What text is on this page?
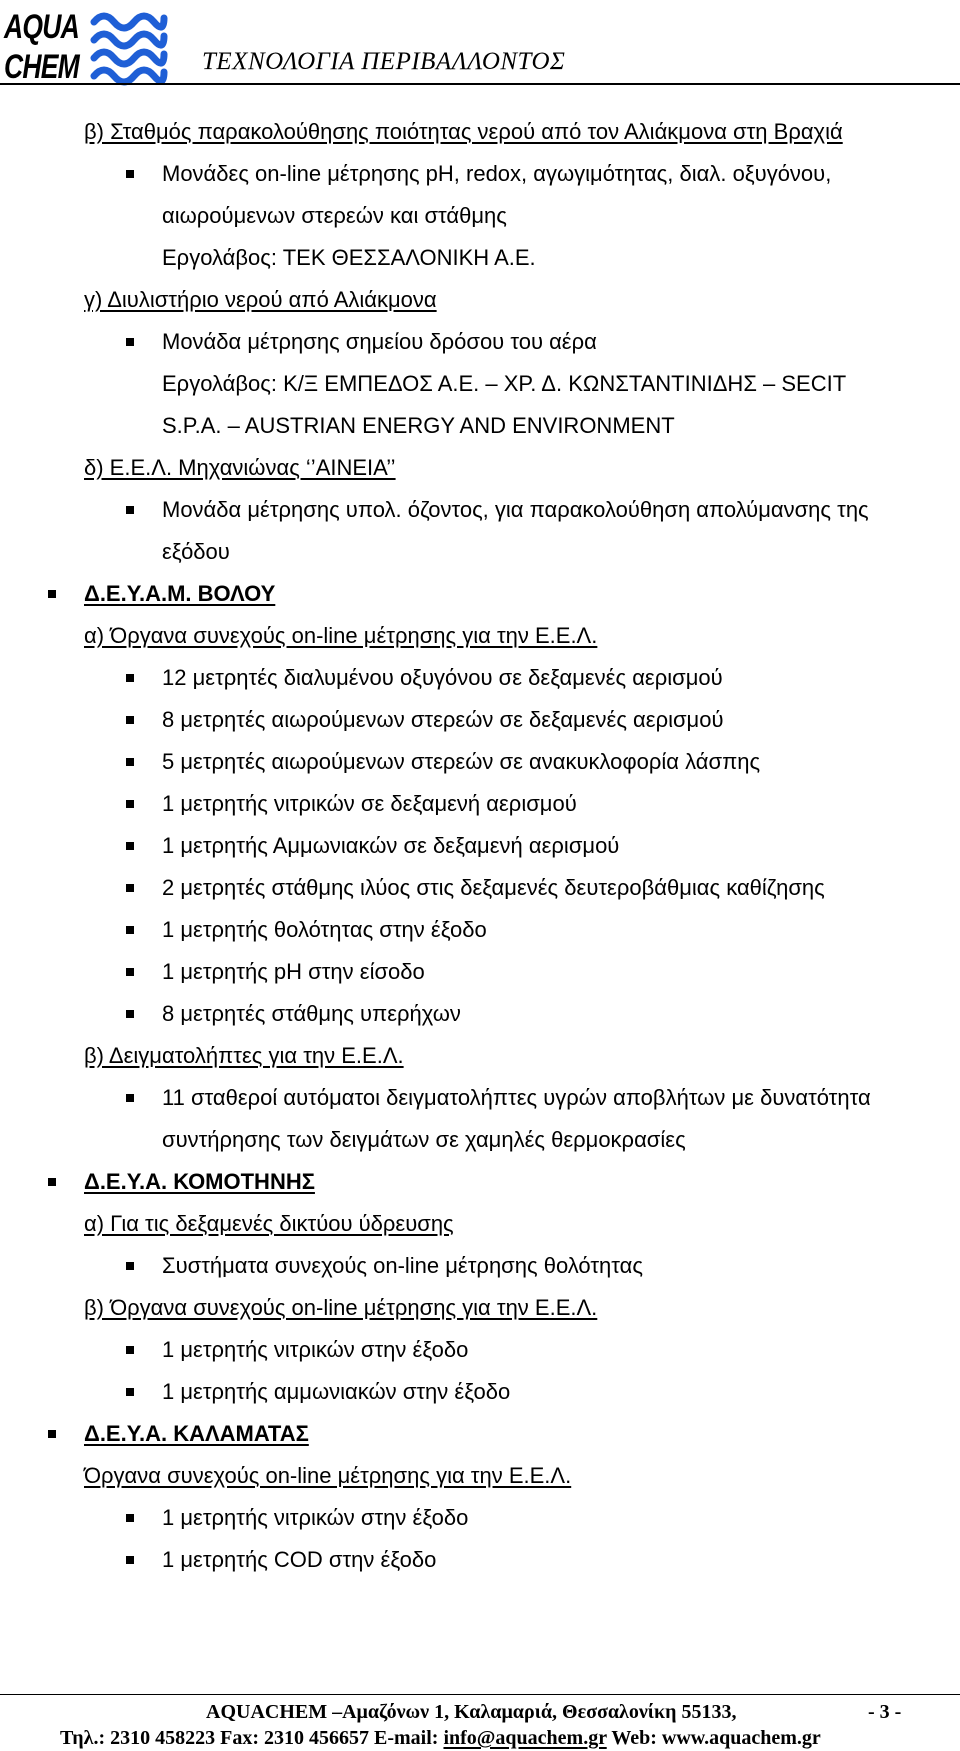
AQUA
CHEM	ΤΕΧΝΟΛΟΓΙΑ ΠΕΡΙΒΑΛΛΟΝΤΟΣ
β) Σταθμός παρακολούθησης ποιότητας νερού από τον Αλιάκμονα στη Βραχιά
Μονάδες on-line μέτρησης pH, redox, αγωγιμότητας, διαλ. οξυγόνου,
αιωρούμενων στερεών και στάθμης
Εργολάβος: ΤΕΚ ΘΕΣΣΑΛΟΝΙΚΗ Α.Ε.
γ) Διυλιστήριο νερού από Αλιάκμονα
Μονάδα μέτρησης σημείου δρόσου του αέρα
Εργολάβος: Κ/Ξ ΕΜΠΕΔΟΣ Α.Ε. – ΧΡ. Δ. ΚΩΝΣΤΑΝΤΙΝΙΔΗΣ – SECIT
S.P.A. – AUSTRIAN ENERGY AND ENVIRONMENT
δ) Ε.Ε.Λ. Μηχανιώνας ‘’ΑΙΝΕΙΑ’’
Μονάδα μέτρησης υπολ. όζοντος, για παρακολούθηση απολύμανσης της
εξόδου
Δ.Ε.Υ.Α.Μ. ΒΟΛΟΥ
α) Όργανα συνεχούς on-line μέτρησης για την Ε.Ε.Λ.
12 μετρητές διαλυμένου οξυγόνου σε δεξαμενές αερισμού
8 μετρητές αιωρούμενων στερεών σε δεξαμενές αερισμού
5 μετρητές αιωρούμενων στερεών σε ανακυκλοφορία λάσπης
1 μετρητής νιτρικών σε δεξαμενή αερισμού
1 μετρητής Αμμωνιακών σε δεξαμενή αερισμού
2 μετρητές στάθμης ιλύος στις δεξαμενές δευτεροβάθμιας καθίζησης
1 μετρητής θολότητας στην έξοδο
1 μετρητής pH στην είσοδο
8 μετρητές στάθμης υπερήχων
β) Δειγματολήπτες για την Ε.Ε.Λ.
11 σταθεροί αυτόματοι δειγματολήπτες υγρών αποβλήτων με δυνατότητα
συντήρησης των δειγμάτων σε χαμηλές θερμοκρασίες
Δ.Ε.Υ.Α. ΚΟΜΟΤΗΝΗΣ
α) Για τις δεξαμενές δικτύου ύδρευσης
Συστήματα συνεχούς on-line μέτρησης θολότητας
β) Όργανα συνεχούς on-line μέτρησης για την Ε.Ε.Λ.
1 μετρητής νιτρικών στην έξοδο
1 μετρητής αμμωνιακών στην έξοδο
Δ.Ε.Υ.Α. ΚΑΛΑΜΑΤΑΣ
Όργανα συνεχούς on-line μέτρησης για την Ε.Ε.Λ.
1 μετρητής νιτρικών στην έξοδο
1 μετρητής COD στην έξοδο
AQUACHEM –Αμαζόνων 1, Καλαμαριά, Θεσσαλονίκη 55133,	- 3 -
Τηλ.: 2310 458223 Fax: 2310 456657 E-mail: info@aquachem.gr Web: www.aquachem.gr
